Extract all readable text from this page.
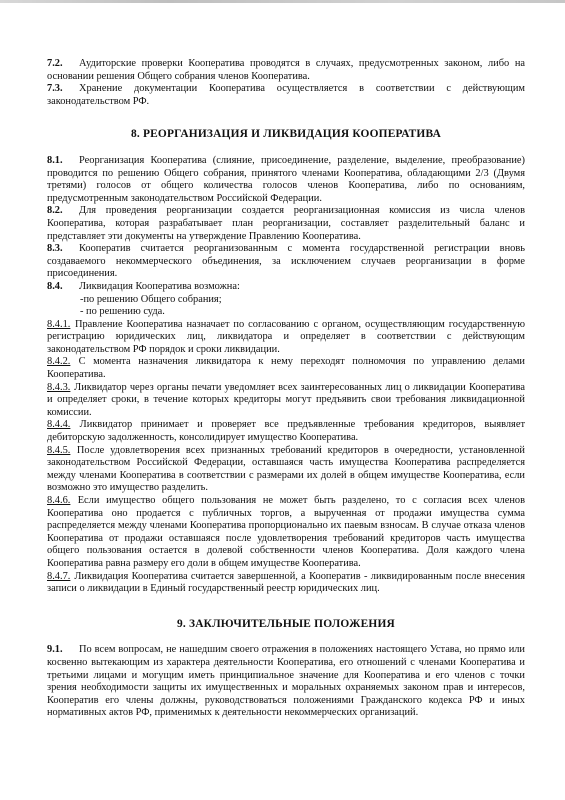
7.2. Аудиторские проверки Кооператива проводятся в случаях, предусмотренных законом, либо на основании решения Общего собрания членов Кооператива.

7.3. Хранение документации Кооператива осуществляется в соответствии с действующим законодательством РФ.

8. РЕОРГАНИЗАЦИЯ И ЛИКВИДАЦИЯ КООПЕРАТИВА

8.1. Реорганизация Кооператива (слияние, присоединение, разделение, выделение, преобразование) проводится по решению Общего собрания, принятого членами Кооператива, обладающими 2/3 (Двумя третями) голосов от общего количества голосов членов Кооператива, либо по основаниям, предусмотренным законодательством Российской Федерации.

8.2. Для проведения реорганизации создается реорганизационная комиссия из числа членов Кооператива, которая разрабатывает план реорганизации, составляет разделительный баланс и представляет эти документы на утверждение Правлению Кооператива.

8.3. Кооператив считается реорганизованным с момента государственной регистрации вновь создаваемого некоммерческого объединения, за исключением случаев реорганизации в форме присоединения.

8.4. Ликвидация Кооператива возможна:

-по решению Общего собрания;

- по решению суда.

8.4.1. Правление Кооператива назначает по согласованию с органом, осуществляющим государственную регистрацию юридических лиц, ликвидатора и определяет в соответствии с действующим законодательством РФ порядок и сроки ликвидации.

8.4.2. С момента назначения ликвидатора к нему переходят полномочия по управлению делами Кооператива.

8.4.3. Ликвидатор через органы печати уведомляет всех заинтересованных лиц о ликвидации Кооператива и определяет сроки, в течение которых кредиторы могут предъявить свои требования ликвидационной комиссии.

8.4.4. Ликвидатор принимает и проверяет все предъявленные требования кредиторов, выявляет дебиторскую задолженность, консолидирует имущество Кооператива.

8.4.5. После удовлетворения всех признанных требований кредиторов в очередности, установленной законодательством Российской Федерации, оставшаяся часть имущества Кооператива распределяется между членами Кооператива в соответствии с размерами их долей в общем имуществе Кооператива, если возможно это имущество разделить.

8.4.6. Если имущество общего пользования не может быть разделено, то с согласия всех членов Кооператива оно продается с публичных торгов, а вырученная от продажи имущества сумма распределяется между членами Кооператива пропорционально их паевым взносам. В случае отказа членов Кооператива от продажи оставшаяся после удовлетворения требований кредиторов часть имущества общего пользования остается в долевой собственности членов Кооператива. Доля каждого члена Кооператива равна размеру его доли в общем имуществе Кооператива.

8.4.7. Ликвидация Кооператива считается завершенной, а Кооператив - ликвидированным после внесения записи о ликвидации в Единый государственный реестр юридических лиц.

9. ЗАКЛЮЧИТЕЛЬНЫЕ ПОЛОЖЕНИЯ

9.1. По всем вопросам, не нашедшим своего отражения в положениях настоящего Устава, но прямо или косвенно вытекающим из характера деятельности Кооператива, его отношений с членами Кооператива и третьими лицами и могущим иметь принципиальное значение для Кооператива и его членов с точки зрения необходимости защиты их имущественных и моральных охраняемых законом прав и интересов, Кооператив его члены должны, руководствоваться положениями Гражданского кодекса РФ и иных нормативных актов РФ, применимых к деятельности некоммерческих организаций.
